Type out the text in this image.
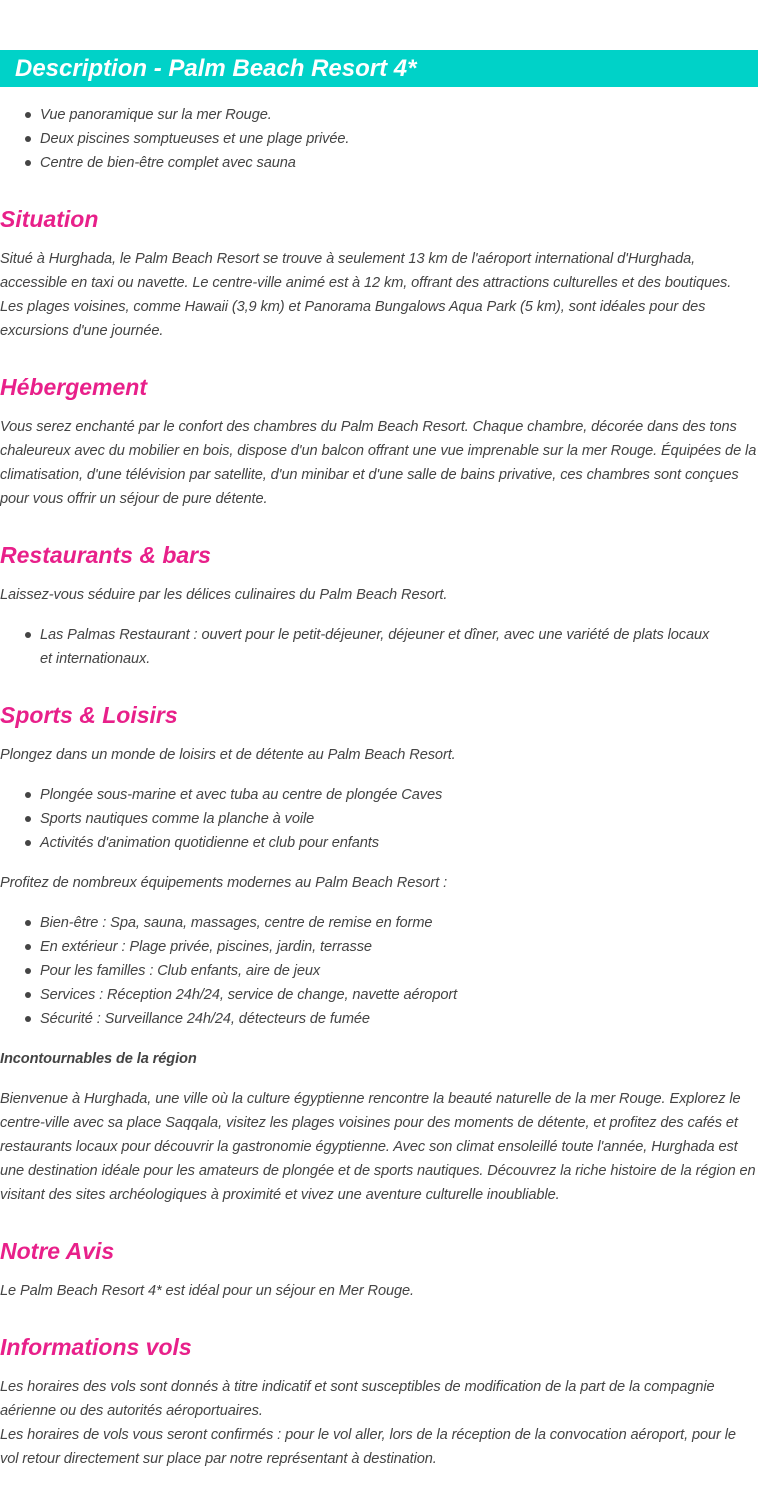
Description - Palm Beach Resort 4*
Vue panoramique sur la mer Rouge.
Deux piscines somptueuses et une plage privée.
Centre de bien-être complet avec sauna
Situation

Situé à Hurghada, le Palm Beach Resort se trouve à seulement 13 km de l'aéroport international d'Hurghada, accessible en taxi ou navette. Le centre-ville animé est à 12 km, offrant des attractions culturelles et des boutiques. Les plages voisines, comme Hawaii (3,9 km) et Panorama Bungalows Aqua Park (5 km), sont idéales pour des excursions d'une journée.

Hébergement

Vous serez enchanté par le confort des chambres du Palm Beach Resort. Chaque chambre, décorée dans des tons chaleureux avec du mobilier en bois, dispose d'un balcon offrant une vue imprenable sur la mer Rouge. Équipées de la climatisation, d'une télévision par satellite, d'un minibar et d'une salle de bains privative, ces chambres sont conçues pour vous offrir un séjour de pure détente.

Restaurants & bars

Laissez-vous séduire par les délices culinaires du Palm Beach Resort.

Las Palmas Restaurant : ouvert pour le petit-déjeuner, déjeuner et dîner, avec une variété de plats locaux et internationaux.
Sports & Loisirs

Plongez dans un monde de loisirs et de détente au Palm Beach Resort.

Plongée sous-marine et avec tuba au centre de plongée Caves
Sports nautiques comme la planche à voile
Activités d'animation quotidienne et club pour enfants

Profitez de nombreux équipements modernes au Palm Beach Resort :

Bien-être : Spa, sauna, massages, centre de remise en forme
En extérieur : Plage privée, piscines, jardin, terrasse
Pour les familles : Club enfants, aire de jeux
Services : Réception 24h/24, service de change, navette aéroport
Sécurité : Surveillance 24h/24, détecteurs de fumée

Incontournables de la région

Bienvenue à Hurghada, une ville où la culture égyptienne rencontre la beauté naturelle de la mer Rouge. Explorez le centre-ville avec sa place Saqqala, visitez les plages voisines pour des moments de détente, et profitez des cafés et restaurants locaux pour découvrir la gastronomie égyptienne. Avec son climat ensoleillé toute l'année, Hurghada est une destination idéale pour les amateurs de plongée et de sports nautiques. Découvrez la riche histoire de la région en visitant des sites archéologiques à proximité et vivez une aventure culturelle inoubliable.

Notre Avis

Le Palm Beach Resort 4* est idéal pour un séjour en Mer Rouge.

Informations vols

Les horaires des vols sont donnés à titre indicatif et sont susceptibles de modification de la part de la compagnie aérienne ou des autorités aéroportuaires.

Les horaires de vols vous seront confirmés : pour le vol aller, lors de la réception de la convocation aéroport, pour le vol retour directement sur place par notre représentant à destination.
